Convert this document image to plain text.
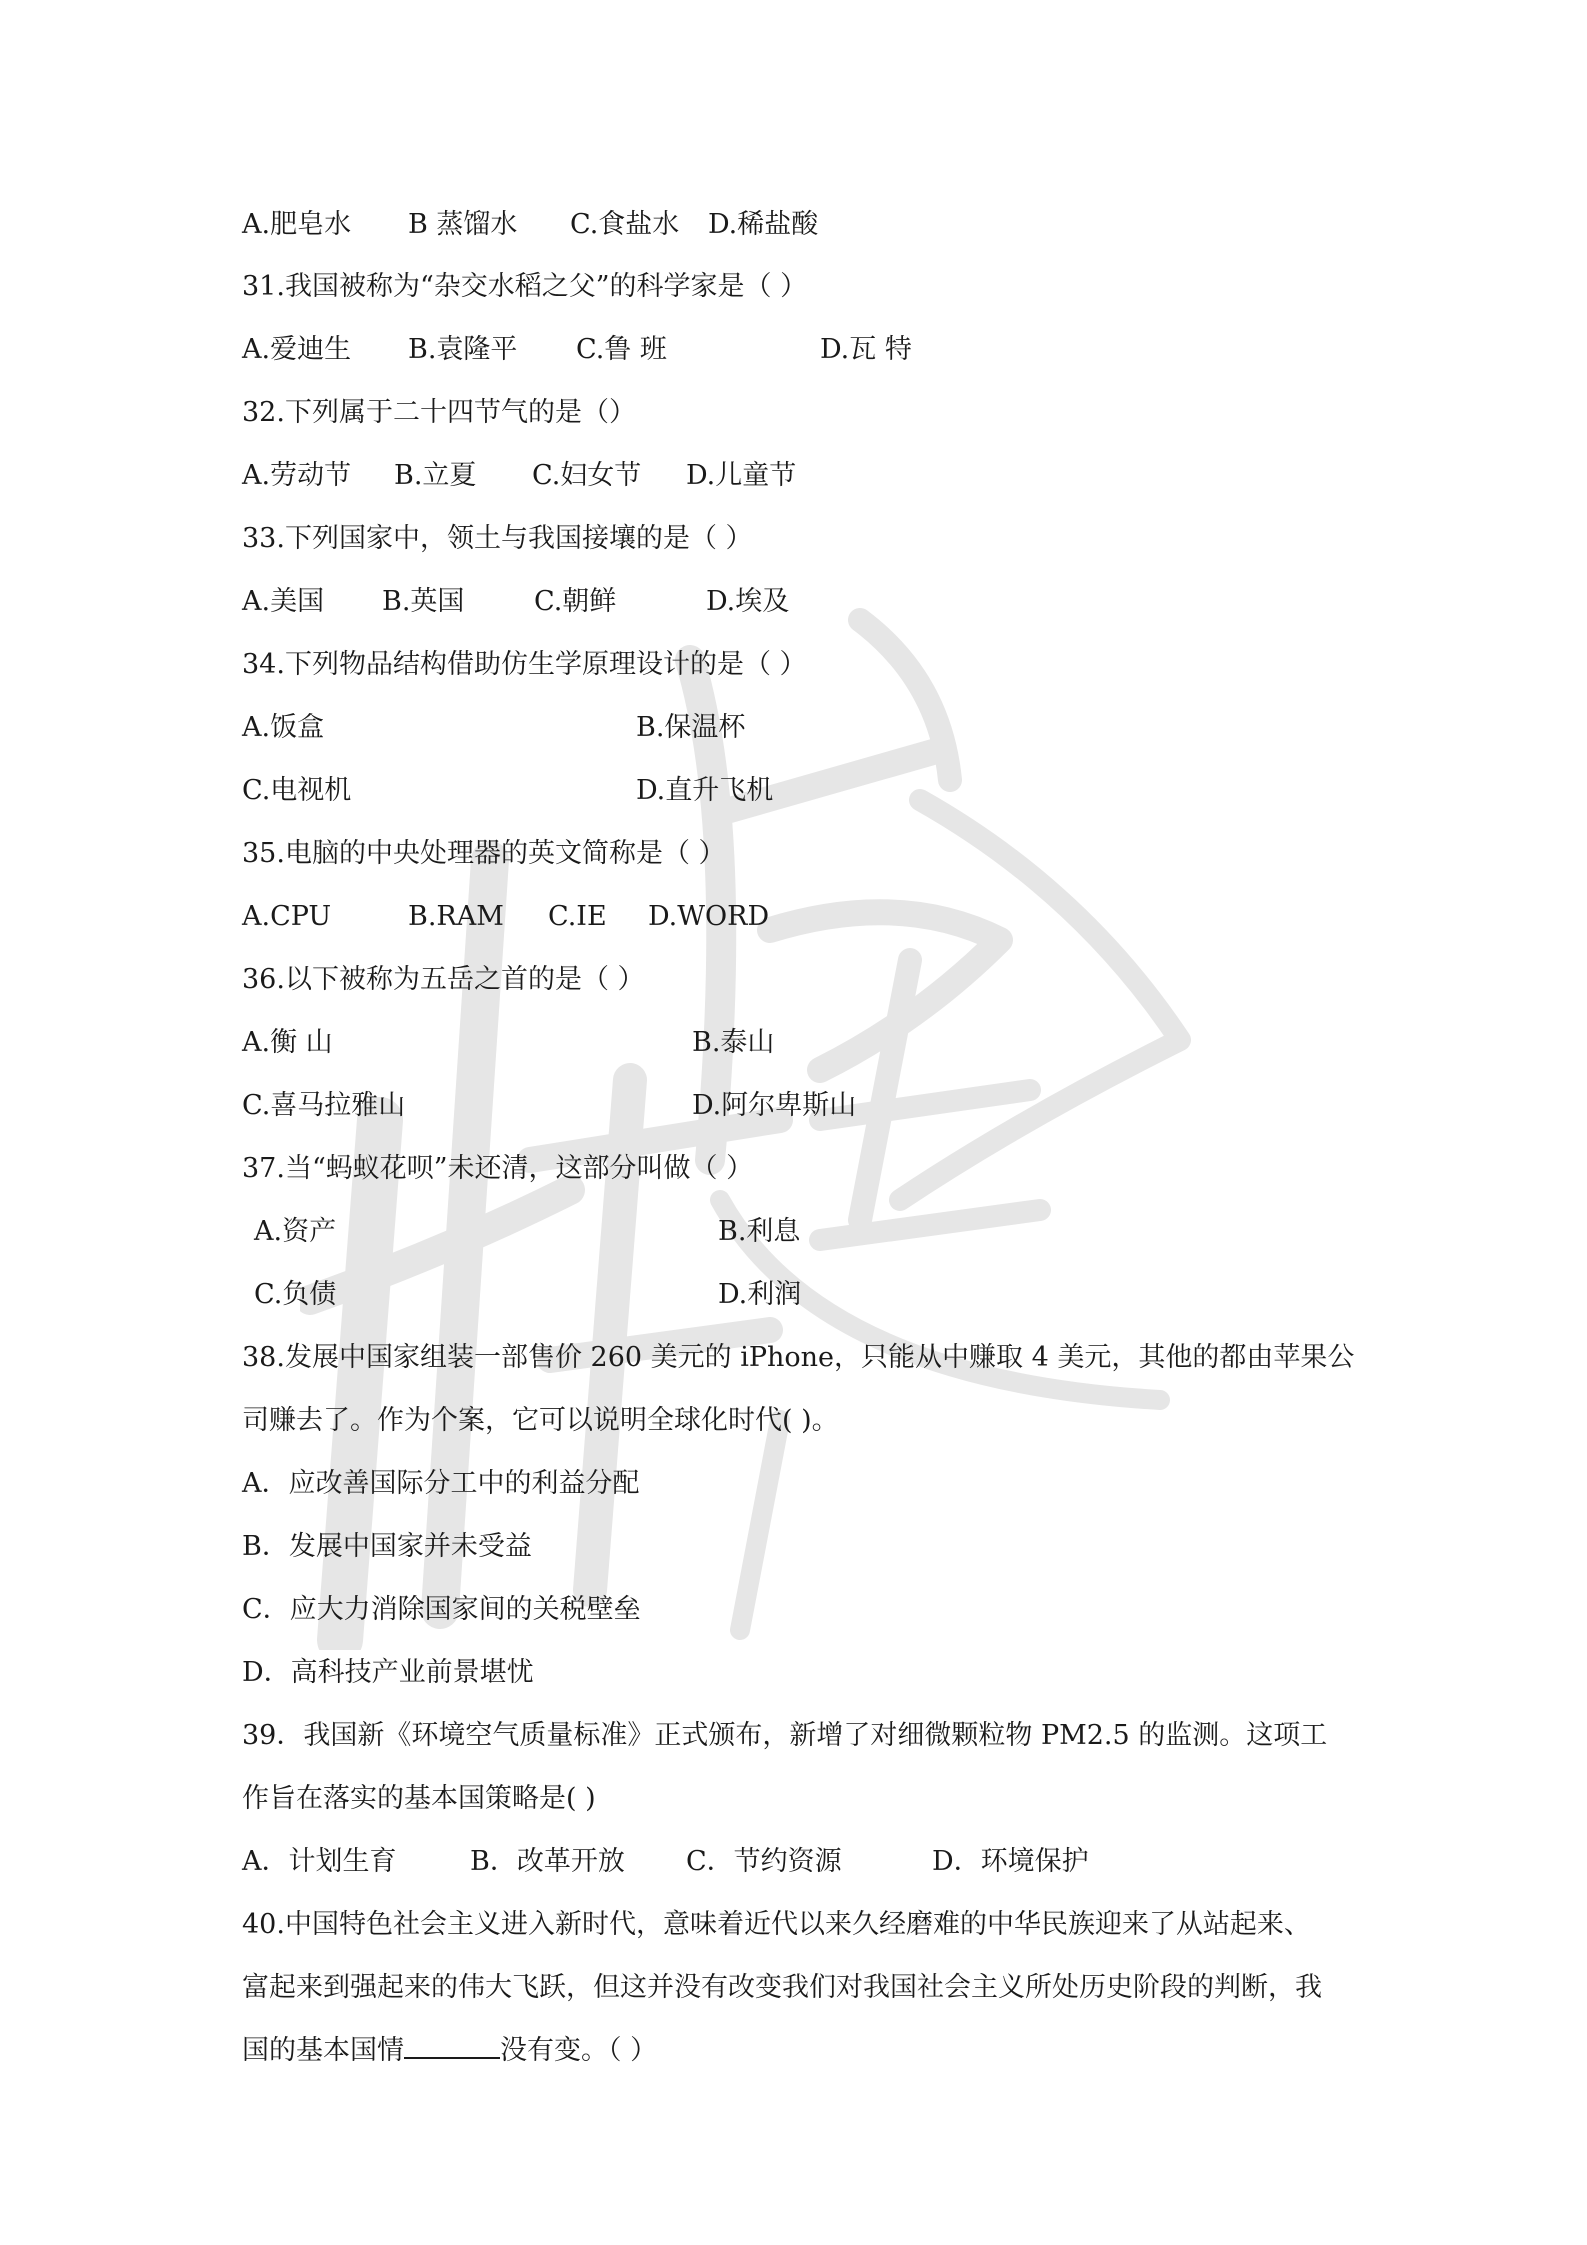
A.肥皂水 B 蒸馏水 C.食盐水 D.稀盐酸
31.我国被称为“杂交水稻之父”的科学家是（ ）
A.爱迪生 B.袁隆平 C.鲁 班	D.瓦 特
32.下列属于二十四节气的是（）
A.劳动节 B.立夏 C.妇女节 D.儿童节
33.下列国家中，领土与我国接壤的是（ ）
A.美国 B.英国	C.朝鲜	D.埃及
34.下列物品结构借助仿生学原理设计的是（ ）
A.饭盒	B.保温杯
C.电视机	D.直升飞机
35.电脑的中央处理器的英文简称是（ ）
A.CPU	B.RAM C.IE D.WORD
36.以下被称为五岳之首的是（ ）
A.衡 山	B.泰山
C.喜马拉雅山	D.阿尔卑斯山
37.当“蚂蚁花呗”未还清，这部分叫做（ ）
A.资产	B.利息
C.负债	D.利润
38.发展中国家组装一部售价 260 美元的 iPhone，只能从中赚取 4 美元，其他的都由苹果公
司赚去了。作为个案，它可以说明全球化时代( )。
A．应改善国际分工中的利益分配
B．发展中国家并未受益
C．应大力消除国家间的关税壁垒
D．高科技产业前景堪忧
39．我国新《环境空气质量标准》正式颁布，新增了对细微颗粒物 PM2.5 的监测。这项工
作旨在落实的基本国策略是( )
A．计划生育	B．改革开放 C．节约资源	D．环境保护
40.中国特色社会主义进入新时代，意味着近代以来久经磨难的中华民族迎来了从站起来、
富起来到强起来的伟大飞跃，但这并没有改变我们对我国社会主义所处历史阶段的判断，我
国的基本国情	没有变。（ ）
